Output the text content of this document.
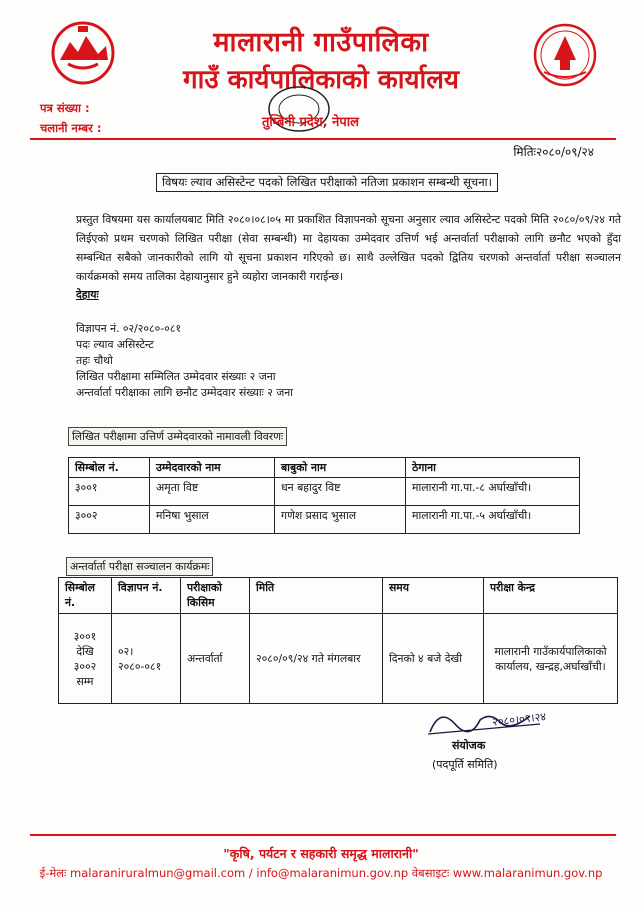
मालारानी गाउँपालिका
गाउँ कार्यपालिकाको कार्यालय
तुम्बिनी प्रदेश, नेपाल
पत्र संख्या :
चलानी नम्बर :
मितिः२०८०/०९/२४
विषयः ल्याव असिस्टेन्ट पदको लिखित परीक्षाको नतिजा प्रकाशन सम्बन्धी सूचना।
प्रस्तुत विषयमा यस कार्यालयबाट मिति २०८०।०८।०५ मा प्रकाशित विज्ञापनको सूचना अनुसार ल्याव असिस्टेन्ट पदको मिति २०८०/०९/२४ गते लिईएको प्रथम चरणको लिखित परीक्षा (सेवा सम्बन्धी) मा देहायका उम्मेदवार उत्तिर्ण भई अन्तर्वार्ता परीक्षाको लागि छनौट भएको हुँदा सम्बन्धित सबैको जानकारीको लागि यो सूचना प्रकाशन गरिएको छ। साथै उल्लेखित पदको द्वितिय चरणको अन्तर्वार्ता परीक्षा सञ्चालन कार्यक्रमको समय तालिका देहायानुसार हुने व्यहोरा जानकारी गराईन्छ।
देहायः
विज्ञापन नं. ०२/२०८०-०८१
पदः ल्याव असिस्टेन्ट
तहः चौथो
लिखित परीक्षामा सम्मिलित उम्मेदवार संख्याः २ जना
अन्तर्वार्ता परीक्षाका लागि छनौट उम्मेदवार संख्याः २ जना
लिखित परीक्षामा उत्तिर्ण उम्मेदवारको नामावली विवरणः
सिम्बोल नं.	उम्मेदवारको नाम	बाबुको नाम	ठेगाना
३००१	अमृता विष्ट	धन बहादुर विष्ट	मालारानी गा.पा.-८ अर्घाखाँची।
३००२	मनिषा भुसाल	गणेश प्रसाद भुसाल	मालारानी गा.पा.-५ अर्घाखाँची।
अन्तर्वार्ता परीक्षा सञ्चालन कार्यक्रमः
सिम्बोल नं.	विज्ञापन नं.	परीक्षाको किसिम	मिति	समय	परीक्षा केन्द्र
३००१ देखि ३००२ सम्म	०२।२०८०-०८१	अन्तर्वार्ता	२०८०/०९/२४ गते मंगलबार	दिनको ४ बजे देखी	मालारानी गाउँकार्यपालिकाको कार्यालय, खन्द्रह,अर्घाखाँची।
२०८०।०९।२४
संयोजक
(पदपूर्ति समिति)
"कृषि, पर्यटन र सहकारी समृद्ध मालारानी"
ई-मेलः malaraniruralmun@gmail.com / info@malaranimun.gov.np वेबसाइटः www.malaranimun.gov.np
